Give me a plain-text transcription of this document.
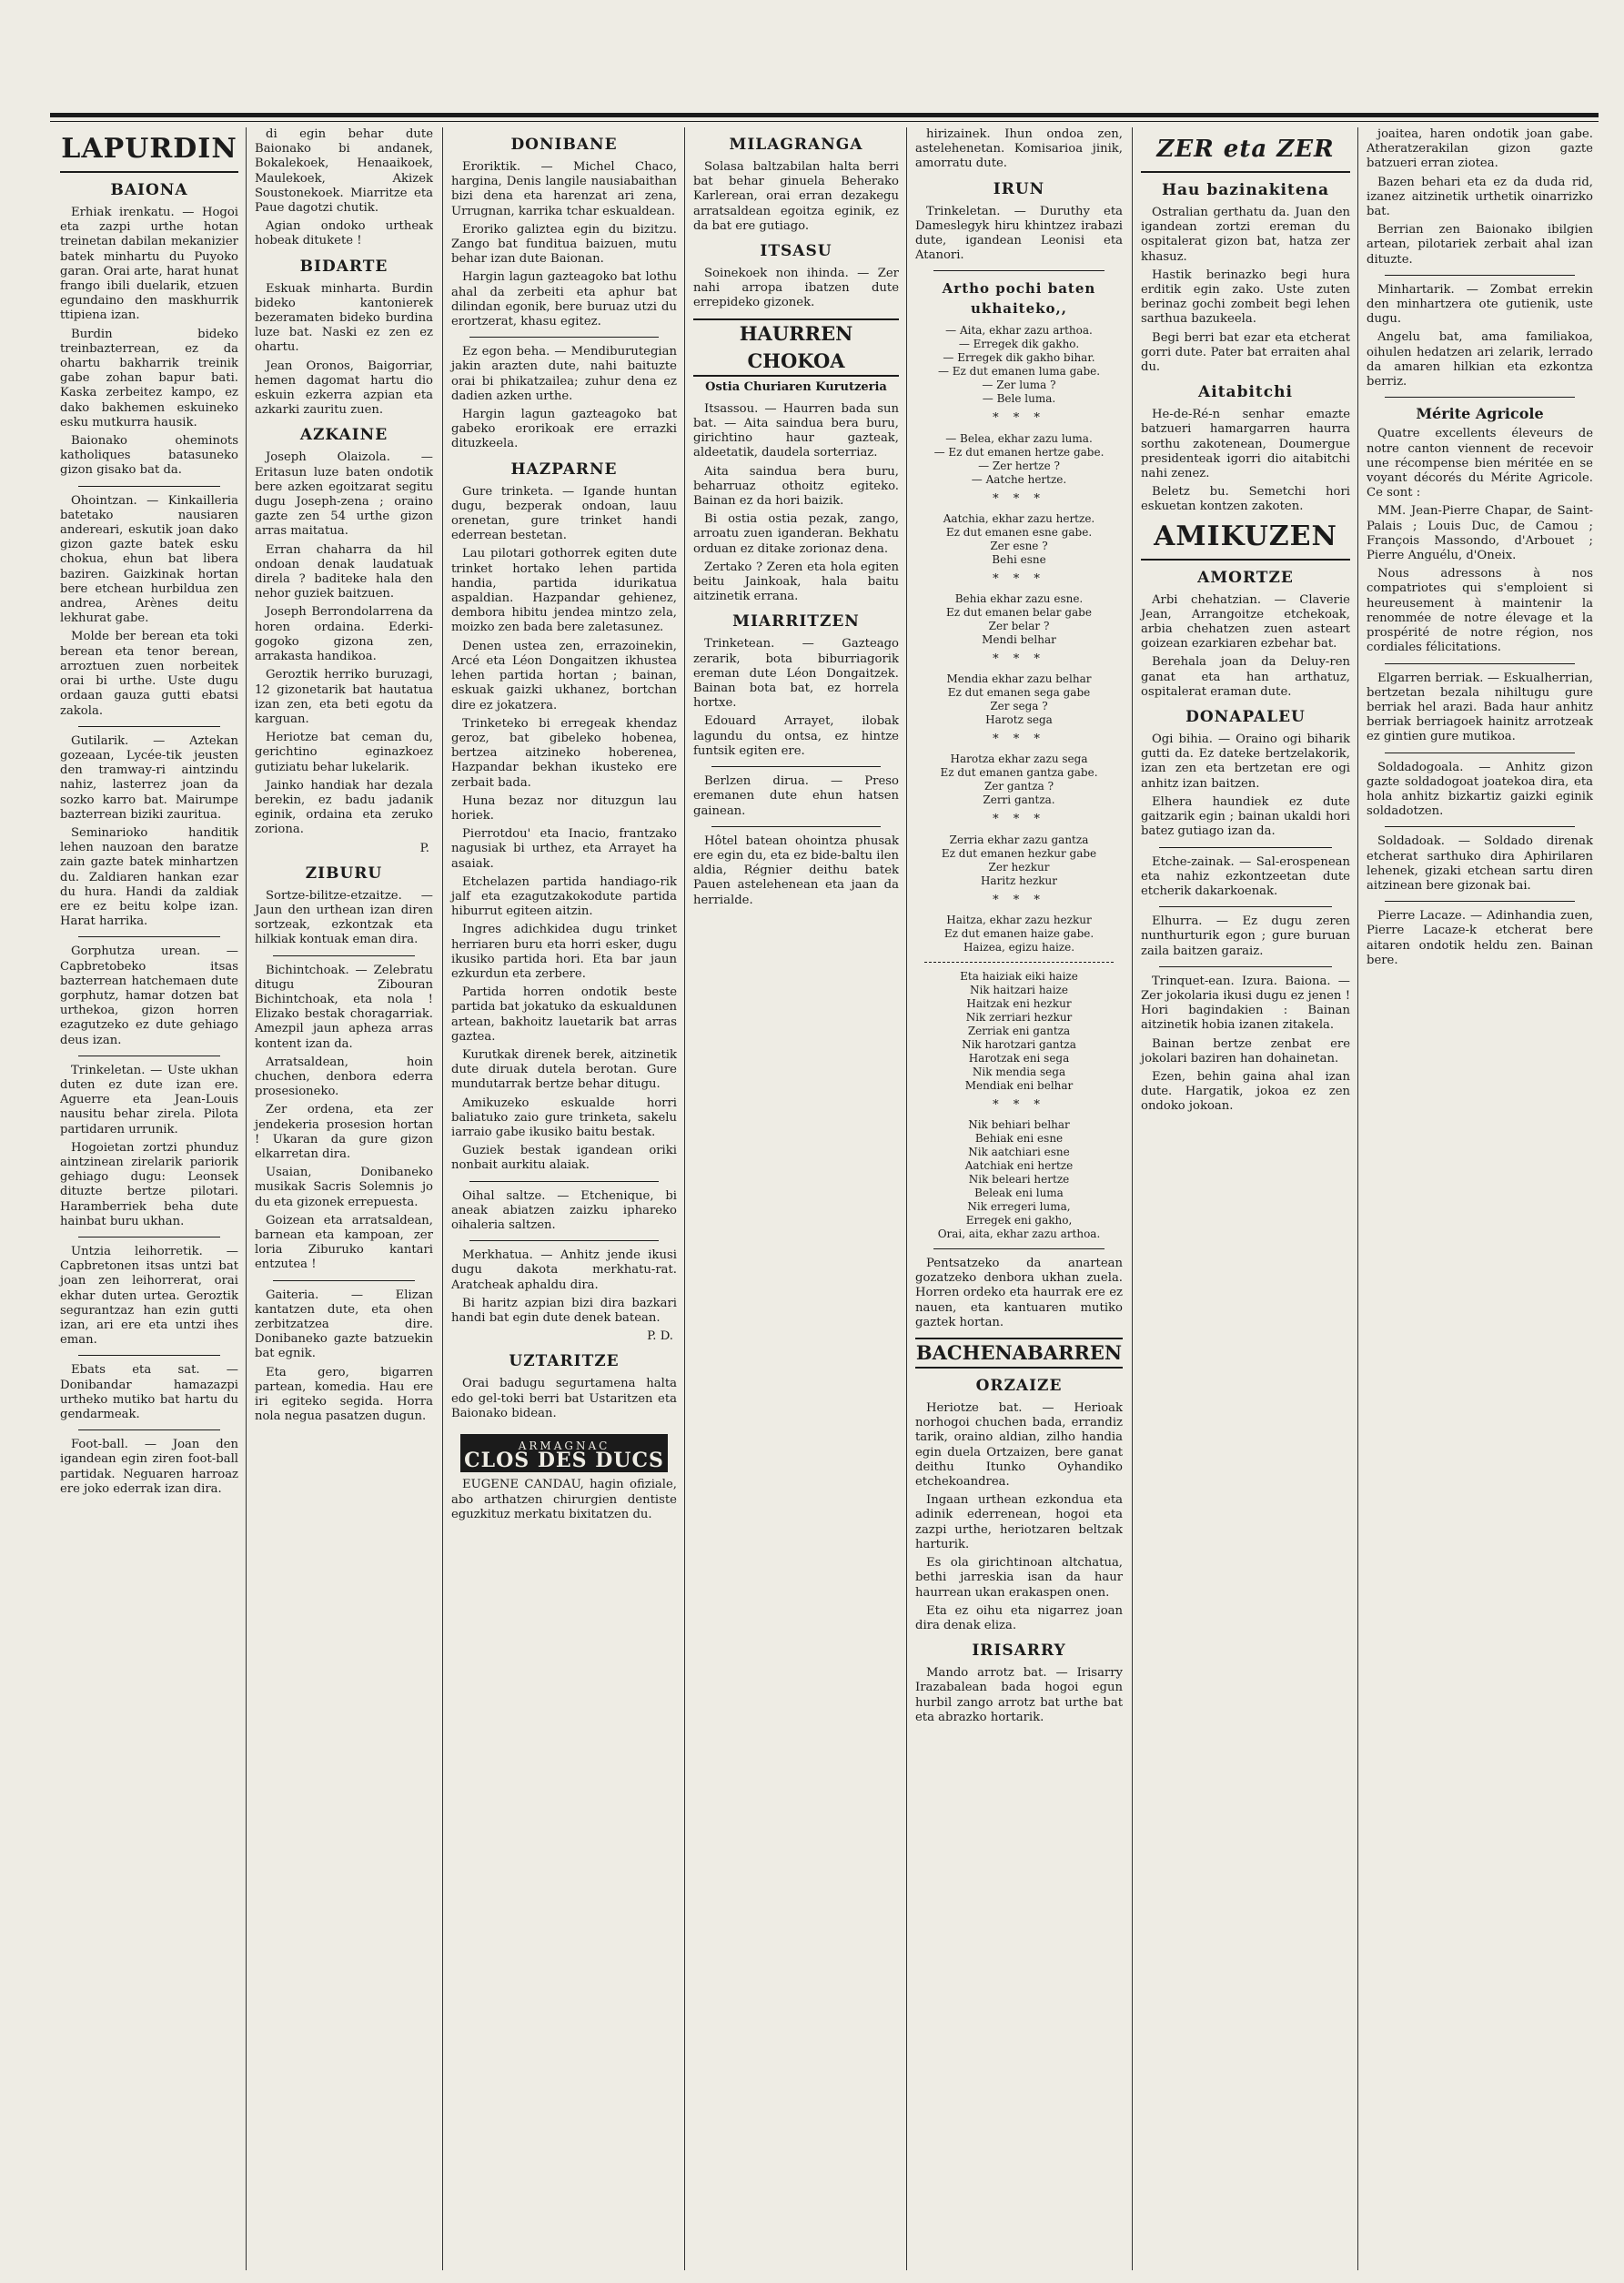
LAPURDIN
BAIONA

Erhiak irenkatu. — Hogoi eta zazpi urthe hotan treinetan dabilan mekanizier batek minhartu du Puyoko garan. Orai arte, harat hunat frango ibili duelarik, etzuen egundaino den maskhurrik ttipiena izan.

Burdin bideko treinbazterrean, ez da ohartu bakharrik treinik gabe zohan bapur bati. Kaska zerbeitez kampo, ez dako bakhemen eskuineko esku mutkurra hausik.

Baionako oheminots katholiques batasuneko gizon gisako bat da.

Ohointzan. — Kinkailleria batetako nausiaren andereari, eskutik joan dako gizon gazte batek esku chokua, ehun bat libera baziren. Gaizkinak hortan bere etchean hurbildua zen andrea, Arènes deitu lekhurat gabe.

Molde ber berean eta toki berean eta tenor berean, arroztuen zuen norbeitek orai bi urthe. Uste dugu ordaan gauza gutti ebatsi zakola.

Gutilarik. — Aztekan gozeaan, Lycée-tik jeusten den tramway-ri aintzindu nahiz, lasterrez joan da sozko karro bat. Mairumpe bazterrean biziki zauritua.

Seminarioko handitik lehen nauzoan den baratze zain gazte batek minhartzen du. Zaldiaren hankan ezar du hura. Handi da zaldiak ere ez beitu kolpe izan. Harat harrika.

Gorphutza urean. — Capbretobeko itsas bazterrean hatchemaen dute gorphutz, hamar dotzen bat urthekoa, gizon horren ezagutzeko ez dute gehiago deus izan.

Trinkeletan. — Uste ukhan duten ez dute izan ere. Aguerre eta Jean-Louis nausitu behar zirela. Pilota partidaren urrunik.

Hogoietan zortzi phunduz aintzinean zirelarik pariorik gehiago dugu: Leonsek dituzte bertze pilotari. Haramberriek beha dute hainbat buru ukhan.

Untzia leihorretik. — Capbretonen itsas untzi bat joan zen leihorrerat, orai ekhar duten urtea. Geroztik segurantzaz han ezin gutti izan, ari ere eta untzi ihes eman.

Ebats eta sat. — Donibandar hamazazpi urtheko mutiko bat hartu du gendarmeak.

Foot-ball. — Joan den igandean egin ziren foot-ball partidak. Neguaren harroaz ere joko ederrak izan dira.

di egin behar dute Baionako bi andanek, Bokalekoek, Henaaikoek, Maulekoek, Akizek Soustonekoek. Miarritze eta Paue dagotzi chutik.

Agian ondoko urtheak hobeak ditukete !

BIDARTE

Eskuak minharta. Burdin bideko kantonierek bezeramaten bideko burdina luze bat. Naski ez zen ez ohartu.

Jean Oronos, Baigorriar, hemen dagomat hartu dio eskuin ezkerra azpian eta azkarki zauritu zuen.

AZKAINE

Joseph Olaizola. — Eritasun luze baten ondotik bere azken egoitzarat segitu dugu Joseph-zena ; oraino gazte zen 54 urthe gizon arras maitatua.

Erran chaharra da hil ondoan denak laudatuak direla ? baditeke hala den nehor guziek baitzuen.

Joseph Berrondolarrena da horen ordaina. Ederki-gogoko gizona zen, arrakasta handikoa.

Geroztik herriko buruzagi, 12 gizonetarik bat hautatua izan zen, eta beti egotu da karguan.

Heriotze bat ceman du, gerichtino eginazkoez gutiziatu behar lukelarik.

Jainko handiak har dezala berekin, ez badu jadanik eginik, ordaina eta zeruko zoriona.

P.
ZIBURU

Sortze-bilitze-etzaitze. — Jaun den urthean izan diren sortzeak, ezkontzak eta hilkiak kontuak eman dira.

Bichintchoak. — Zelebratu ditugu Zibouran Bichintchoak, eta nola ! Elizako bestak choragarriak. Amezpil jaun apheza arras kontent izan da.

Arratsaldean, hoin chuchen, denbora ederra prosesioneko.

Zer ordena, eta zer jendekeria prosesion hortan ! Ukaran da gure gizon elkarretan dira.

Usaian, Donibaneko musikak Sacris Solemnis jo du eta gizonek errepuesta.

Goizean eta arratsaldean, barnean eta kampoan, zer loria Ziburuko kantari entzutea !

Gaiteria. — Elizan kantatzen dute, eta ohen zerbitzatzea dire. Donibaneko gazte batzuekin bat egnik.

Eta gero, bigarren partean, komedia. Hau ere iri egiteko segida. Horra nola negua pasatzen dugun.

DONIBANE

Eroriktik. — Michel Chaco, hargina, Denis langile nausiabaithan bizi dena eta harenzat ari zena, Urrugnan, karrika tchar eskualdean.

Eroriko galiztea egin du bizitzu. Zango bat funditua baizuen, mutu behar izan dute Baionan.

Hargin lagun gazteagoko bat lothu ahal da zerbeiti eta aphur bat dilindan egonik, bere buruaz utzi du erortzerat, khasu egitez.

Ez egon beha. — Mendiburutegian jakin arazten dute, nahi baituzte orai bi phikatzailea; zuhur dena ez dadien azken urthe.

Hargin lagun gazteagoko bat gabeko erorikoak ere errazki dituzkeela.

HAZPARNE

Gure trinketa. — Igande huntan dugu, bezperak ondoan, lauu orenetan, gure trinket handi ederrean bestetan.

Lau pilotari gothorrek egiten dute trinket hortako lehen partida handia, partida idurikatua aspaldian. Hazpandar gehienez, dembora hibitu jendea mintzo zela, moizko zen bada bere zaletasunez.

Denen ustea zen, errazoinekin, Arcé eta Léon Dongaitzen ikhustea lehen partida hortan ; bainan, eskuak gaizki ukhanez, bortchan dire ez jokatzera.

Trinketeko bi erregeak khendaz geroz, bat gibeleko hobenea, bertzea aitzineko hoberenea, Hazpandar bekhan ikusteko ere zerbait bada.

Huna bezaz nor dituzgun lau horiek.

Pierrotdou' eta Inacio, frantzako nagusiak bi urthez, eta Arrayet ha asaiak.

Etchelazen partida handiago-rik jalf eta ezagutzakokodute partida hiburrut egiteen aitzin.

Ingres adichkidea dugu trinket herriaren buru eta horri esker, dugu ikusiko partida hori. Eta bar jaun ezkurdun eta zerbere.

Partida horren ondotik beste partida bat jokatuko da eskualdunen artean, bakhoitz lauetarik bat arras gaztea.

Kurutkak direnek berek, aitzinetik dute diruak dutela berotan. Gure mundutarrak bertze behar ditugu.

Amikuzeko eskualde horri baliatuko zaio gure trinketa, sakelu iarraio gabe ikusiko baitu bestak.

Guziek bestak igandean oriki nonbait aurkitu alaiak.

Oihal saltze. — Etchenique, bi aneak abiatzen zaizku iphareko oihaleria saltzen.

Merkhatua. — Anhitz jende ikusi dugu dakota merkhatu-rat. Aratcheak aphaldu dira.

Bi haritz azpian bizi dira bazkari handi bat egin dute denek batean.

P. D.
UZTARITZE

Orai badugu segurtamena halta edo gel-toki berri bat Ustaritzen eta Baionako bidean.

ARMAGNAC
CLOS DES DUCS

EUGENE CANDAU, hagin ofiziale, abo arthatzen chirurgien dentiste eguzkituz merkatu bixitatzen du.

MILAGRANGA

Solasa baltzabilan halta berri bat behar ginuela Beherako Karlerean, orai erran dezakegu arratsaldean egoitza eginik, ez da bat ere gutiago.

ITSASU

Soinekoek non ihinda. — Zer nahi arropa ibatzen dute errepideko gizonek.

HAURREN CHOKOA
Ostia Churiaren Kurutzeria

Itsassou. — Haurren bada sun bat. — Aita saindua bera buru, girichtino haur gazteak, aldeetatik, daudela sorterriaz.

Aita saindua bera buru, beharruaz othoitz egiteko. Bainan ez da hori baizik.

Bi ostia ostia pezak, zango, arroatu zuen iganderan. Bekhatu orduan ez ditake zorionaz dena.

Zertako ? Zeren eta hola egiten beitu Jainkoak, hala baitu aitzinetik errana.

MIARRITZEN

Trinketean. — Gazteago zerarik, bota biburriagorik ereman dute Léon Dongaitzek. Bainan bota bat, ez horrela hortxe.

Edouard Arrayet, ilobak lagundu du ontsa, ez hintze funtsik egiten ere.

Berlzen dirua. — Preso eremanen dute ehun hatsen gainean.

Hôtel batean ohointza phusak ere egin du, eta ez bide-baltu ilen aldia, Régnier deithu batek Pauen astelehenean eta jaan da herrialde.

hirizainek. Ihun ondoa zen, astelehenetan. Komisarioa jinik, amorratu dute.

IRUN

Trinkeletan. — Duruthy eta Dameslegyk hiru khintzez irabazi dute, igandean Leonisi eta Atanori.

Artho pochi baten ukhaiteko,,
— Aita, ekhar zazu arthoa.
— Erregek dik gakho.
— Erregek dik gakho bihar.
— Ez dut emanen luma gabe.
— Zer luma ?
— Bele luma.
* * *
— Belea, ekhar zazu luma.
— Ez dut emanen hertze gabe.
— Zer hertze ?
— Aatche hertze.
* * *
Aatchia, ekhar zazu hertze.
Ez dut emanen esne gabe.
Zer esne ?
Behi esne
* * *
Behia ekhar zazu esne.
Ez dut emanen belar gabe
Zer belar ?
Mendi belhar
* * *
Mendia ekhar zazu belhar
Ez dut emanen sega gabe
Zer sega ?
Harotz sega
* * *
Harotza ekhar zazu sega
Ez dut emanen gantza gabe.
Zer gantza ?
Zerri gantza.
* * *
Zerria ekhar zazu gantza
Ez dut emanen hezkur gabe
Zer hezkur
Haritz hezkur
* * *
Haitza, ekhar zazu hezkur
Ez dut emanen haize gabe.
Haizea, egizu haize.
Eta haiziak eiki haize
Nik haitzari haize
Haitzak eni hezkur
Nik zerriari hezkur
Zerriak eni gantza
Nik harotzari gantza
Harotzak eni sega
Nik mendia sega
Mendiak eni belhar
* * *
Nik behiari belhar
Behiak eni esne
Nik aatchiari esne
Aatchiak eni hertze
Nik beleari hertze
Beleak eni luma
Nik erregeri luma,
Erregek eni gakho,
Orai, aita, ekhar zazu arthoa.

Pentsatzeko da anartean gozatzeko denbora ukhan zuela. Horren ordeko eta haurrak ere ez nauen, eta kantuaren mutiko gaztek hortan.

BACHENABARREN
ORZAIZE

Heriotze bat. — Herioak norhogoi chuchen bada, errandiz tarik, oraino aldian, zilho handia egin duela Ortzaizen, bere ganat deithu Itunko Oyhandiko etchekoandrea.

Ingaan urthean ezkondua eta adinik ederrenean, hogoi eta zazpi urthe, heriotzaren beltzak harturik.

Es ola girichtinoan altchatua, bethi jarreskia isan da haur haurrean ukan erakaspen onen.

Eta ez oihu eta nigarrez joan dira denak eliza.

IRISARRY

Mando arrotz bat. — Irisarry Irazabalean bada hogoi egun hurbil zango arrotz bat urthe bat eta abrazko hortarik.

ZER eta ZER
Hau bazinakitena

Ostralian gerthatu da. Juan den igandean zortzi ereman du ospitalerat gizon bat, hatza zer khasuz.

Hastik berinazko begi hura erditik egin zako. Uste zuten berinaz gochi zombeit begi lehen sarthua bazukeela.

Begi berri bat ezar eta etcherat gorri dute. Pater bat erraiten ahal du.

Aitabitchi

He-de-Ré-n senhar emazte batzueri hamargarren haurra sorthu zakotenean, Doumergue presidenteak igorri dio aitabitchi nahi zenez.

Beletz bu. Semetchi hori eskuetan kontzen zakoten.

AMIKUZEN
AMORTZE

Arbi chehatzian. — Claverie Jean, Arrangoitze etchekoak, arbia chehatzen zuen asteart goizean ezarkiaren ezbehar bat.

Berehala joan da Deluy-ren ganat eta han arthatuz, ospitalerat eraman dute.

DONAPALEU

Ogi bihia. — Oraino ogi biharik gutti da. Ez dateke bertzelakorik, izan zen eta bertzetan ere ogi anhitz izan baitzen.

Elhera haundiek ez dute gaitzarik egin ; bainan ukaldi hori batez gutiago izan da.

Etche-zainak. — Sal-erospenean eta nahiz ezkontzeetan dute etcherik dakarkoenak.

Elhurra. — Ez dugu zeren nunthurturik egon ; gure buruan zaila baitzen garaiz.

Trinquet-ean. Izura. Baiona. — Zer jokolaria ikusi dugu ez jenen ! Hori bagindakien : Bainan aitzinetik hobia izanen zitakela.

Bainan bertze zenbat ere jokolari baziren han dohainetan.

Ezen, behin gaina ahal izan dute. Hargatik, jokoa ez zen ondoko jokoan.

joaitea, haren ondotik joan gabe. Atheratzerakilan gizon gazte batzueri erran ziotea.

Bazen behari eta ez da duda rid, izanez aitzinetik urthetik oinarrizko bat.

Berrian zen Baionako ibilgien artean, pilotariek zerbait ahal izan dituzte.

Minhartarik. — Zombat errekin den minhartzera ote gutienik, uste dugu.

Angelu bat, ama familiakoa, oihulen hedatzen ari zelarik, lerrado da amaren hilkian eta ezkontza berriz.

Mérite Agricole

Quatre excellents éleveurs de notre canton viennent de recevoir une récompense bien méritée en se voyant décorés du Mérite Agricole. Ce sont :

MM. Jean-Pierre Chapar, de Saint-Palais ; Louis Duc, de Camou ; François Massondo, d'Arbouet ; Pierre Anguélu, d'Oneix.

Nous adressons à nos compatriotes qui s'emploient si heureusement à maintenir la renommée de notre élevage et la prospérité de notre région, nos cordiales félicitations.

Elgarren berriak. — Eskualherrian, bertzetan bezala nihiltugu gure berriak hel arazi. Bada haur anhitz berriak berriagoek hainitz arrotzeak ez gintien gure mutikoa.

Soldadogoala. — Anhitz gizon gazte soldadogoat joatekoa dira, eta hola anhitz bizkartiz gaizki eginik soldadotzen.

Soldadoak. — Soldado direnak etcherat sarthuko dira Aphirilaren lehenek, gizaki etchean sartu diren aitzinean bere gizonak bai.

Pierre Lacaze. — Adinhandia zuen, Pierre Lacaze-k etcherat bere aitaren ondotik heldu zen. Bainan bere.
